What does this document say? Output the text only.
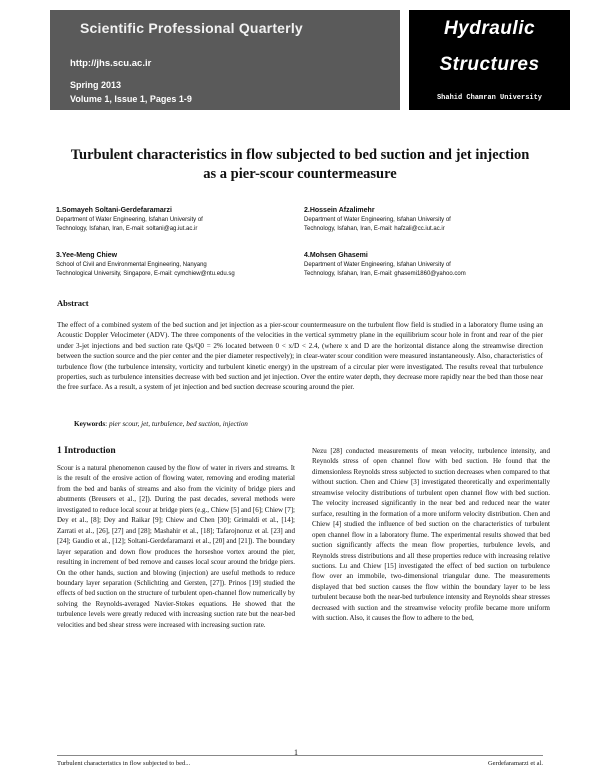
Scientific Professional Quarterly
http://jhs.scu.ac.ir
Spring 2013
Volume 1, Issue 1, Pages 1-9
Hydraulic
Structures
Shahid Chamran University
Turbulent characteristics in flow subjected to bed suction and jet injection
as a pier-scour countermeasure
1.Somayeh Soltani-Gerdefaramarzi
Department of Water Engineering, Isfahan University of
Technology, Isfahan, Iran, E-mail: soltani@ag.iut.ac.ir
2.Hossein Afzalimehr
Department of Water Engineering, Isfahan University of
Technology, Isfahan, Iran, E-mail: hafzali@cc.iut.ac.ir
3.Yee-Meng Chiew
School of Civil and Environmental Engineering, Nanyang
Technological University, Singapore, E-mail: cymchiew@ntu.edu.sg
4.Mohsen Ghasemi
Department of Water Engineering, Isfahan University of
Technology, Isfahan, Iran, E-mail: ghasemi1860@yahoo.com
Abstract
The effect of a combined system of the bed suction and jet injection as a pier-scour countermeasure on the turbulent flow field is studied in a laboratory flume using an Acoustic Doppler Velocimeter (ADV). The three components of the velocities in the vertical symmetry plane in the equilibrium scour hole in front and rear of the pier under 3-jet injections and bed suction rate Qs/Q0 = 2% located between 0 < x/D < 2.4, (where x and D are the horizontal distance along the streamwise direction between the suction source and the pier center and the pier diameter respectively); in clear-water scour condition were measured instantaneously. Also, characteristics of turbulence flow (the turbulence intensity, vorticity and turbulent kinetic energy) in the upstream of a circular pier were investigated. The results reveal that turbulence properties, such as turbulence intensities decrease with bed suction and jet injection. Over the entire water depth, they decrease more rapidly near the bed than those near the free surface. As a result, a system of jet injection and bed suction decrease scouring around the pier.
Keywords: pier scour, jet, turbulence, bed suction, injection
1 Introduction
Scour is a natural phenomenon caused by the flow of water in rivers and streams. It is the result of the erosive action of flowing water, removing and eroding material from the bed and banks of streams and also from the vicinity of bridge piers and abutments (Breusers et al., [2]). During the past decades, several methods were investigated to reduce local scour at bridge piers (e.g., Chiew [5] and [6]; Chiew [7]; Dey et al., [8]; Dey and Raikar [9]; Chiew and Chen [30]; Grimaldi et al., [14]; Zarrati et al., [26], [27] and [28]; Mashahir et al., [18]; Tafarojnoruz et al. [23] and [24]; Gaudio et al., [12]; Soltani-Gerdefaramarzi et al., [20] and [21]). The boundary layer separation and down flow produces the horseshoe vortex around the pier, resulting in increment of bed remove and causes local scour around the bridge piers. On the other hands, suction and blowing (injection) are useful methods to reduce boundary layer separation (Schlichting and Gersten, [27]). Prinos [19] studied the effects of bed suction on the structure of turbulent open-channel flow numerically by solving the Reynolds-averaged Navier-Stokes equations. He showed that the turbulence levels were greatly reduced with increasing suction rate but the near-bed velocities and bed shear stress were increased with increasing suction rate.
Nezu [28] conducted measurements of mean velocity, turbulence intensity, and Reynolds stress of open channel flow with bed suction. He found that the dimensionless Reynolds stress subjected to suction decreases when compared to that without suction. Chen and Chiew [3] investigated theoretically and experimentally streamwise velocity distributions of turbulent open channel flow with bed suction. The velocity increased significantly in the near bed and reduced near the water surface, resulting in the formation of a more uniform velocity distribution. Chen and Chiew [4] studied the influence of bed suction on the characteristics of turbulent open channel flow in a laboratory flume. The experimental results showed that bed suction significantly affects the mean flow properties, turbulence levels, and Reynolds stress distributions and all these properties reduce with increasing relative suctions. Lu and Chiew [15] investigated the effect of bed suction on turbulence flow over an immobile, two-dimensional triangular dune. The measurements displayed that bed suction causes the flow within the boundary layer to be less turbulent because both the near-bed turbulence intensity and Reynolds shear stresses decreased with suction and the streamwise velocity profile became more uniform with suction. Also, it causes the flow to adhere to the bed,
Turbulent characteristics in flow subjected to bed...
1
Gerdefaramarzi et al.
